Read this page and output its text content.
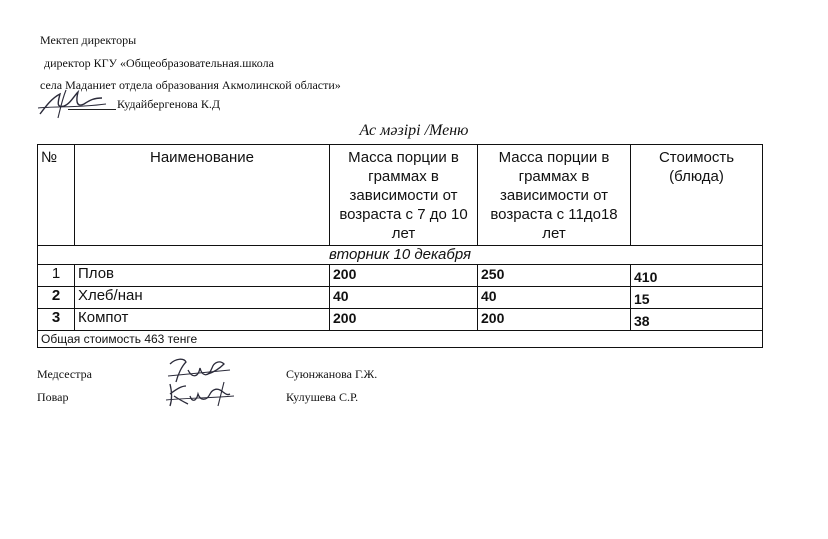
Мектеп директоры
директор КГУ «Общеобразовательная.школа
села Маданиет отдела образования Акмолинской области»
Кудайбергенова К.Д
Ас мәзірі /Меню
№	Наименование	Масса порции в граммах в зависимости от возраста с 7 до 10 лет	Масса порции в граммах в зависимости от возраста с 11до18 лет	Стоимость (блюда)
вторник 10 декабря				
1	Плов	200	250	410
2	Хлеб/нан	40	40	15
3	Компот	200	200	38
Общая стоимость 463 тенге				
Медсестра	Суюнжанова Г.Ж.
Повар	Кулушева С.Р.
